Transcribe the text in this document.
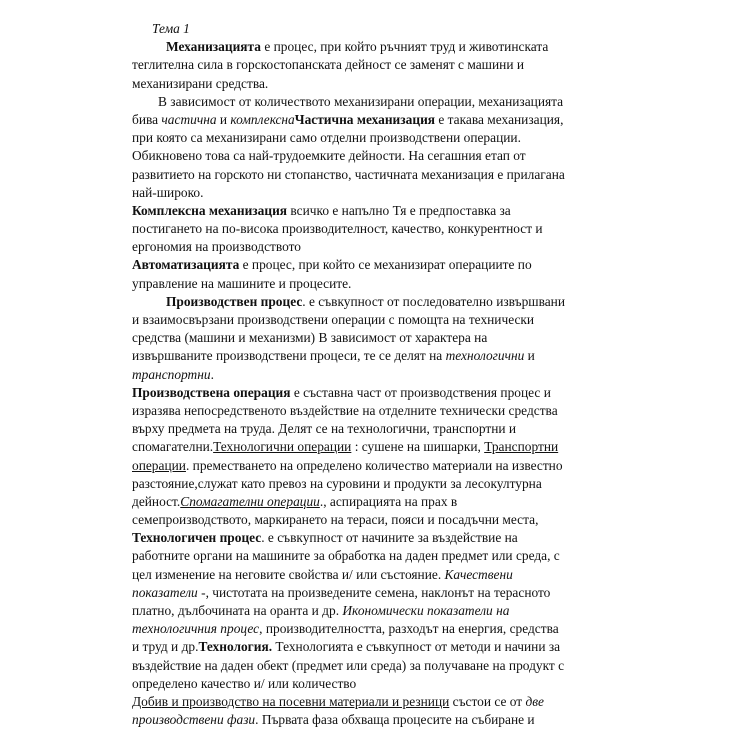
Тема 1
Механизацията е процес, при който ръчният труд и животинската
теглителна сила в горскостопанската дейност се заменят с машини и
механизирани средства.
В зависимост от количеството механизирани операции, механизацията
бива частична и комплекснаЧастична механизация е такава механизация,
при която са механизирани само отделни производствени операции.
Обикновено това са най-трудоемките дейности. На сегашния етап от
развитието на горското ни стопанство, частичната механизация е прилагана
най-широко.
Комплексна механизация всичко е напълно Тя е предпоставка за
постигането на по-висока производителност, качество, конкурентност и
ергономия на производството
Автоматизацията е процес, при който се механизират операциите по
управление на машините и процесите.
Производствен процес. е съвкупност от последователно извършвани
и взаимосвързани производствени операции с помощта на технически
средства (машини и механизми) В зависимост от характера на
извършваните производствени процеси, те се делят на технологични и
транспортни.
Производствена операция е съставна част от производствения процес и
изразява непосредственото въздействие на отделните технически средства
върху предмета на труда. Делят се на технологични, транспортни и
спомагателни.Технологични операции : сушене на шишарки, Транспортни
операции. преместването на определено количество материали на известно
разстояние,служат като превоз на суровини и продукти за лесокултурна
дейност.Спомагателни операции., аспирацията на прах в
семепроизводството, маркирането на тераси, пояси и посадъчни места,
Технологичен процес. е съвкупност от начините за въздействие на
работните органи на машините за обработка на даден предмет или среда, с
цел изменение на неговите свойства и/ или състояние. Качествени
показатели -, чистотата на произведените семена, наклонът на терасното
платно, дълбочината на оранта и др. Икономически показатели на
технологичния процес, производителността, разходът на енергия, средства
и труд и др.Технология. Технологията е съвкупност от методи и начини за
въздействие на даден обект (предмет или среда) за получаване на продукт с
определено качество и/ или количество
Добив и производство на посевни материали и резници състои се от две
производствени фази. Първата фаза обхваща процесите на събиране и
